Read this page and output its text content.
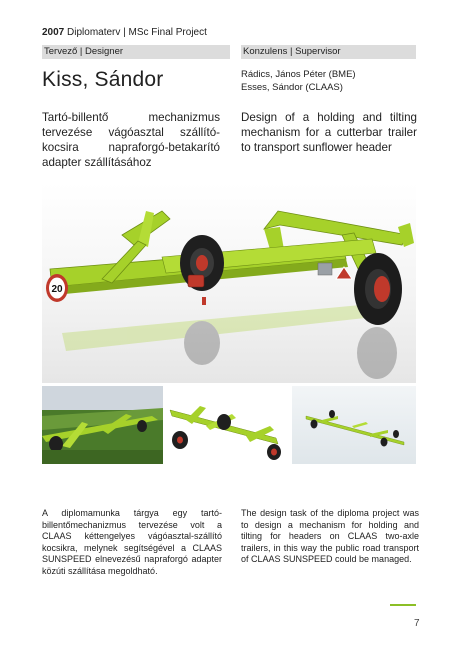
2007 Diplomaterv | MSc Final Project
Tervező | Designer	Konzulens | Supervisor
Kiss, Sándor	Rádics, János Péter (BME)
Esses, Sándor (CLAAS)
Tartó-billentő mechanizmus tervezése vágóasztal szállító-kocsira napraforgó-betakarító adapter szállításához
Design of a holding and tilting mechanism for a cutterbar trailer to transport sunflower header
20
A diplomamunka tárgya egy tartó-billentőmechanizmus tervezése volt a CLAAS kéttengelyes vágóasztal-szállító kocsikra, melynek segítségével a CLAAS SUNSPEED elnevezésű napraforgó adapter közúti szállítása megoldható.
The design task of the diploma project was to design a mechanism for holding and tilting for headers on CLAAS two-axle trailers, in this way the public road transport of CLAAS SUNSPEED could be managed.
7
